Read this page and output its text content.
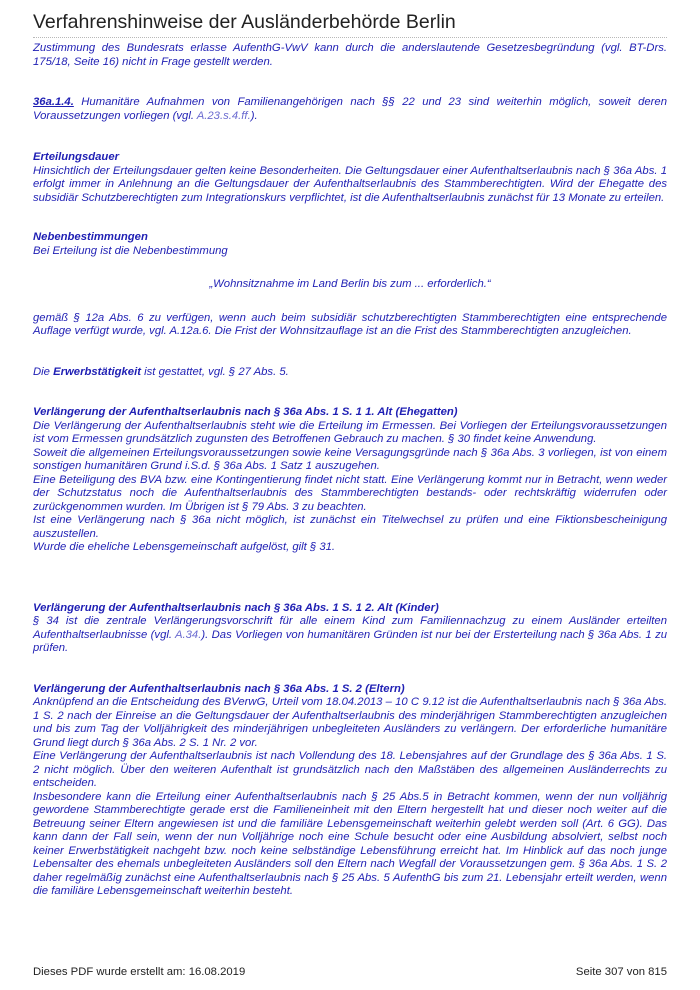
Verfahrenshinweise der Ausländerbehörde Berlin

Zustimmung des Bundesrats erlasse AufenthG-VwV kann durch die anderslautende Gesetzesbegründung (vgl. BT-Drs. 175/18, Seite 16) nicht in Frage gestellt werden.

36a.1.4. Humanitäre Aufnahmen von Familienangehörigen nach §§ 22 und 23 sind weiterhin möglich, soweit deren Voraussetzungen vorliegen (vgl. A.23.s.4.ff.).

Erteilungsdauer

Hinsichtlich der Erteilungsdauer gelten keine Besonderheiten. Die Geltungsdauer einer Aufenthaltserlaubnis nach § 36a Abs. 1 erfolgt immer in Anlehnung an die Geltungsdauer der Aufenthaltserlaubnis des Stammberechtigten. Wird der Ehegatte des subsidiär Schutzberechtigten zum Integrationskurs verpflichtet, ist die Aufenthaltserlaubnis zunächst für 13 Monate zu erteilen.

Nebenbestimmungen

Bei Erteilung ist die Nebenbestimmung

„Wohnsitznahme im Land Berlin bis zum ... erforderlich.“

gemäß § 12a Abs. 6 zu verfügen, wenn auch beim subsidiär schutzberechtigten Stammberechtigten eine entsprechende Auflage verfügt wurde, vgl. A.12a.6. Die Frist der Wohnsitzauflage ist an die Frist des Stammberechtigten anzugleichen.

Die Erwerbstätigkeit ist gestattet, vgl. § 27 Abs. 5.

Verlängerung der Aufenthaltserlaubnis nach § 36a Abs. 1 S. 1 1. Alt (Ehegatten)

Die Verlängerung der Aufenthaltserlaubnis steht wie die Erteilung im Ermessen. Bei Vorliegen der Erteilungsvoraussetzungen ist vom Ermessen grundsätzlich zugunsten des Betroffenen Gebrauch zu machen. § 30 findet keine Anwendung.

Soweit die allgemeinen Erteilungsvoraussetzungen sowie keine Versagungsgründe nach § 36a Abs. 3 vorliegen, ist von einem sonstigen humanitären Grund i.S.d. § 36a Abs. 1 Satz 1 auszugehen.

Eine Beteiligung des BVA bzw. eine Kontingentierung findet nicht statt. Eine Verlängerung kommt nur in Betracht, wenn weder der Schutzstatus noch die Aufenthaltserlaubnis des Stammberechtigten bestands- oder rechtskräftig widerrufen oder zurückgenommen wurden. Im Übrigen ist § 79 Abs. 3 zu beachten.

Ist eine Verlängerung nach § 36a nicht möglich, ist zunächst ein Titelwechsel zu prüfen und eine Fiktionsbescheinigung auszustellen.

Wurde die eheliche Lebensgemeinschaft aufgelöst, gilt § 31.

Verlängerung der Aufenthaltserlaubnis nach § 36a Abs. 1 S. 1 2. Alt (Kinder)

§ 34 ist die zentrale Verlängerungsvorschrift für alle einem Kind zum Familiennachzug zu einem Ausländer erteilten Aufenthaltserlaubnisse (vgl. A.34.). Das Vorliegen von humanitären Gründen ist nur bei der Ersterteilung nach § 36a Abs. 1 zu prüfen.

Verlängerung der Aufenthaltserlaubnis nach § 36a Abs. 1 S. 2 (Eltern)

Anknüpfend an die Entscheidung des BVerwG, Urteil vom 18.04.2013 – 10 C 9.12 ist die Aufenthaltserlaubnis nach § 36a Abs. 1 S. 2 nach der Einreise an die Geltungsdauer der Aufenthaltserlaubnis des minderjährigen Stammberechtigten anzugleichen und bis zum Tag der Volljährigkeit des minderjährigen unbegleiteten Ausländers zu verlängern. Der erforderliche humanitäre Grund liegt durch § 36a Abs. 2 S. 1 Nr. 2 vor.

Eine Verlängerung der Aufenthaltserlaubnis ist nach Vollendung des 18. Lebensjahres auf der Grundlage des § 36a Abs. 1 S. 2 nicht möglich. Über den weiteren Aufenthalt ist grundsätzlich nach den Maßstäben des allgemeinen Ausländerrechts zu entscheiden.

Insbesondere kann die Erteilung einer Aufenthaltserlaubnis nach § 25 Abs.5 in Betracht kommen, wenn der nun volljährig gewordene Stammberechtigte gerade erst die Familieneinheit mit den Eltern hergestellt hat und dieser noch weiter auf die Betreuung seiner Eltern angewiesen ist und die familiäre Lebensgemeinschaft weiterhin gelebt werden soll (Art. 6 GG). Das kann dann der Fall sein, wenn der nun Volljährige noch eine Schule besucht oder eine Ausbildung absolviert, selbst noch keiner Erwerbstätigkeit nachgeht bzw. noch keine selbständige Lebensführung erreicht hat. Im Hinblick auf das noch junge Lebensalter des ehemals unbegleiteten Ausländers soll den Eltern nach Wegfall der Voraussetzungen gem. § 36a Abs. 1 S. 2 daher regelmäßig zunächst eine Aufenthaltserlaubnis nach § 25 Abs. 5 AufenthG bis zum 21. Lebensjahr erteilt werden, wenn die familiäre Lebensgemeinschaft weiterhin besteht.

Dieses PDF wurde erstellt am: 16.08.2019	Seite 307 von 815
